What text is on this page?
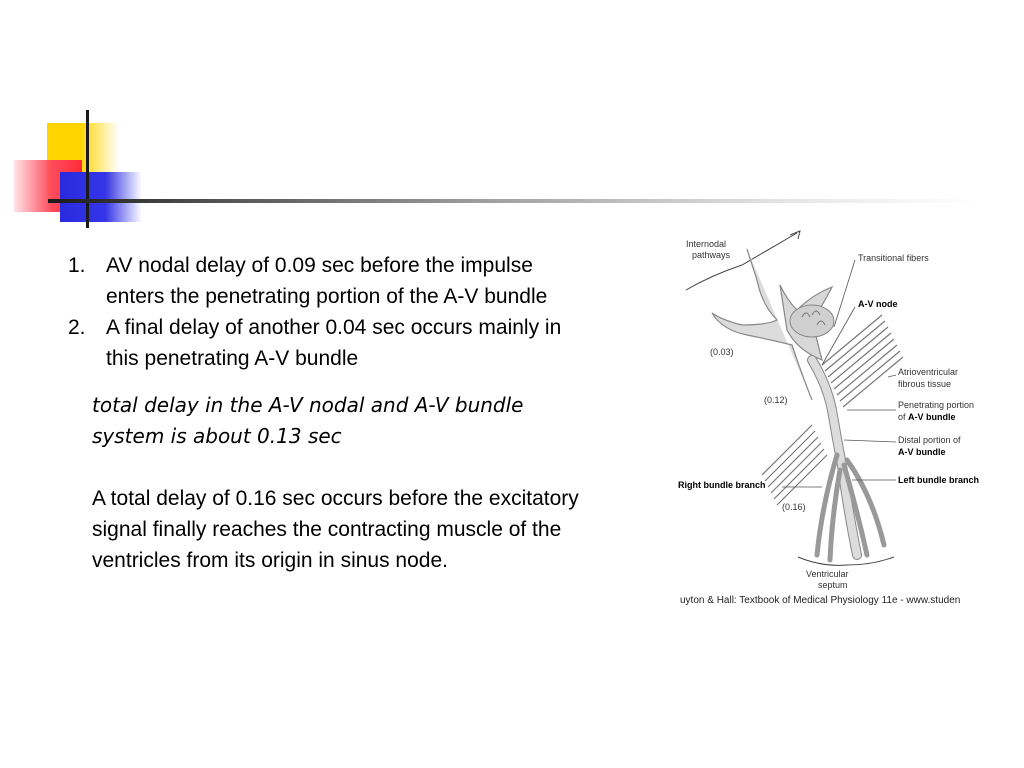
1. AV nodal delay of 0.09 sec before the impulse
enters the penetrating portion of the A-V bundle
2. A final delay of another 0.04 sec occurs mainly in
this penetrating A-V bundle
total delay in the A-V nodal and A-V bundle
system is about 0.13 sec
A total delay of 0.16 sec occurs before the excitatory
signal finally reaches the contracting muscle of the
ventricles from its origin in sinus node.
Internodal
pathways	Transitional fibers
A-V node
Atrioventricular
fibrous tissue
Penetrating portion
of A-V bundle
Distal portion of
A-V bundle
Left bundle branch
Right bundle branch
(0.03)
(0.12)
(0.16)
Ventricular
septum
uyton & Hall: Textbook of Medical Physiology 11e - www.studen
